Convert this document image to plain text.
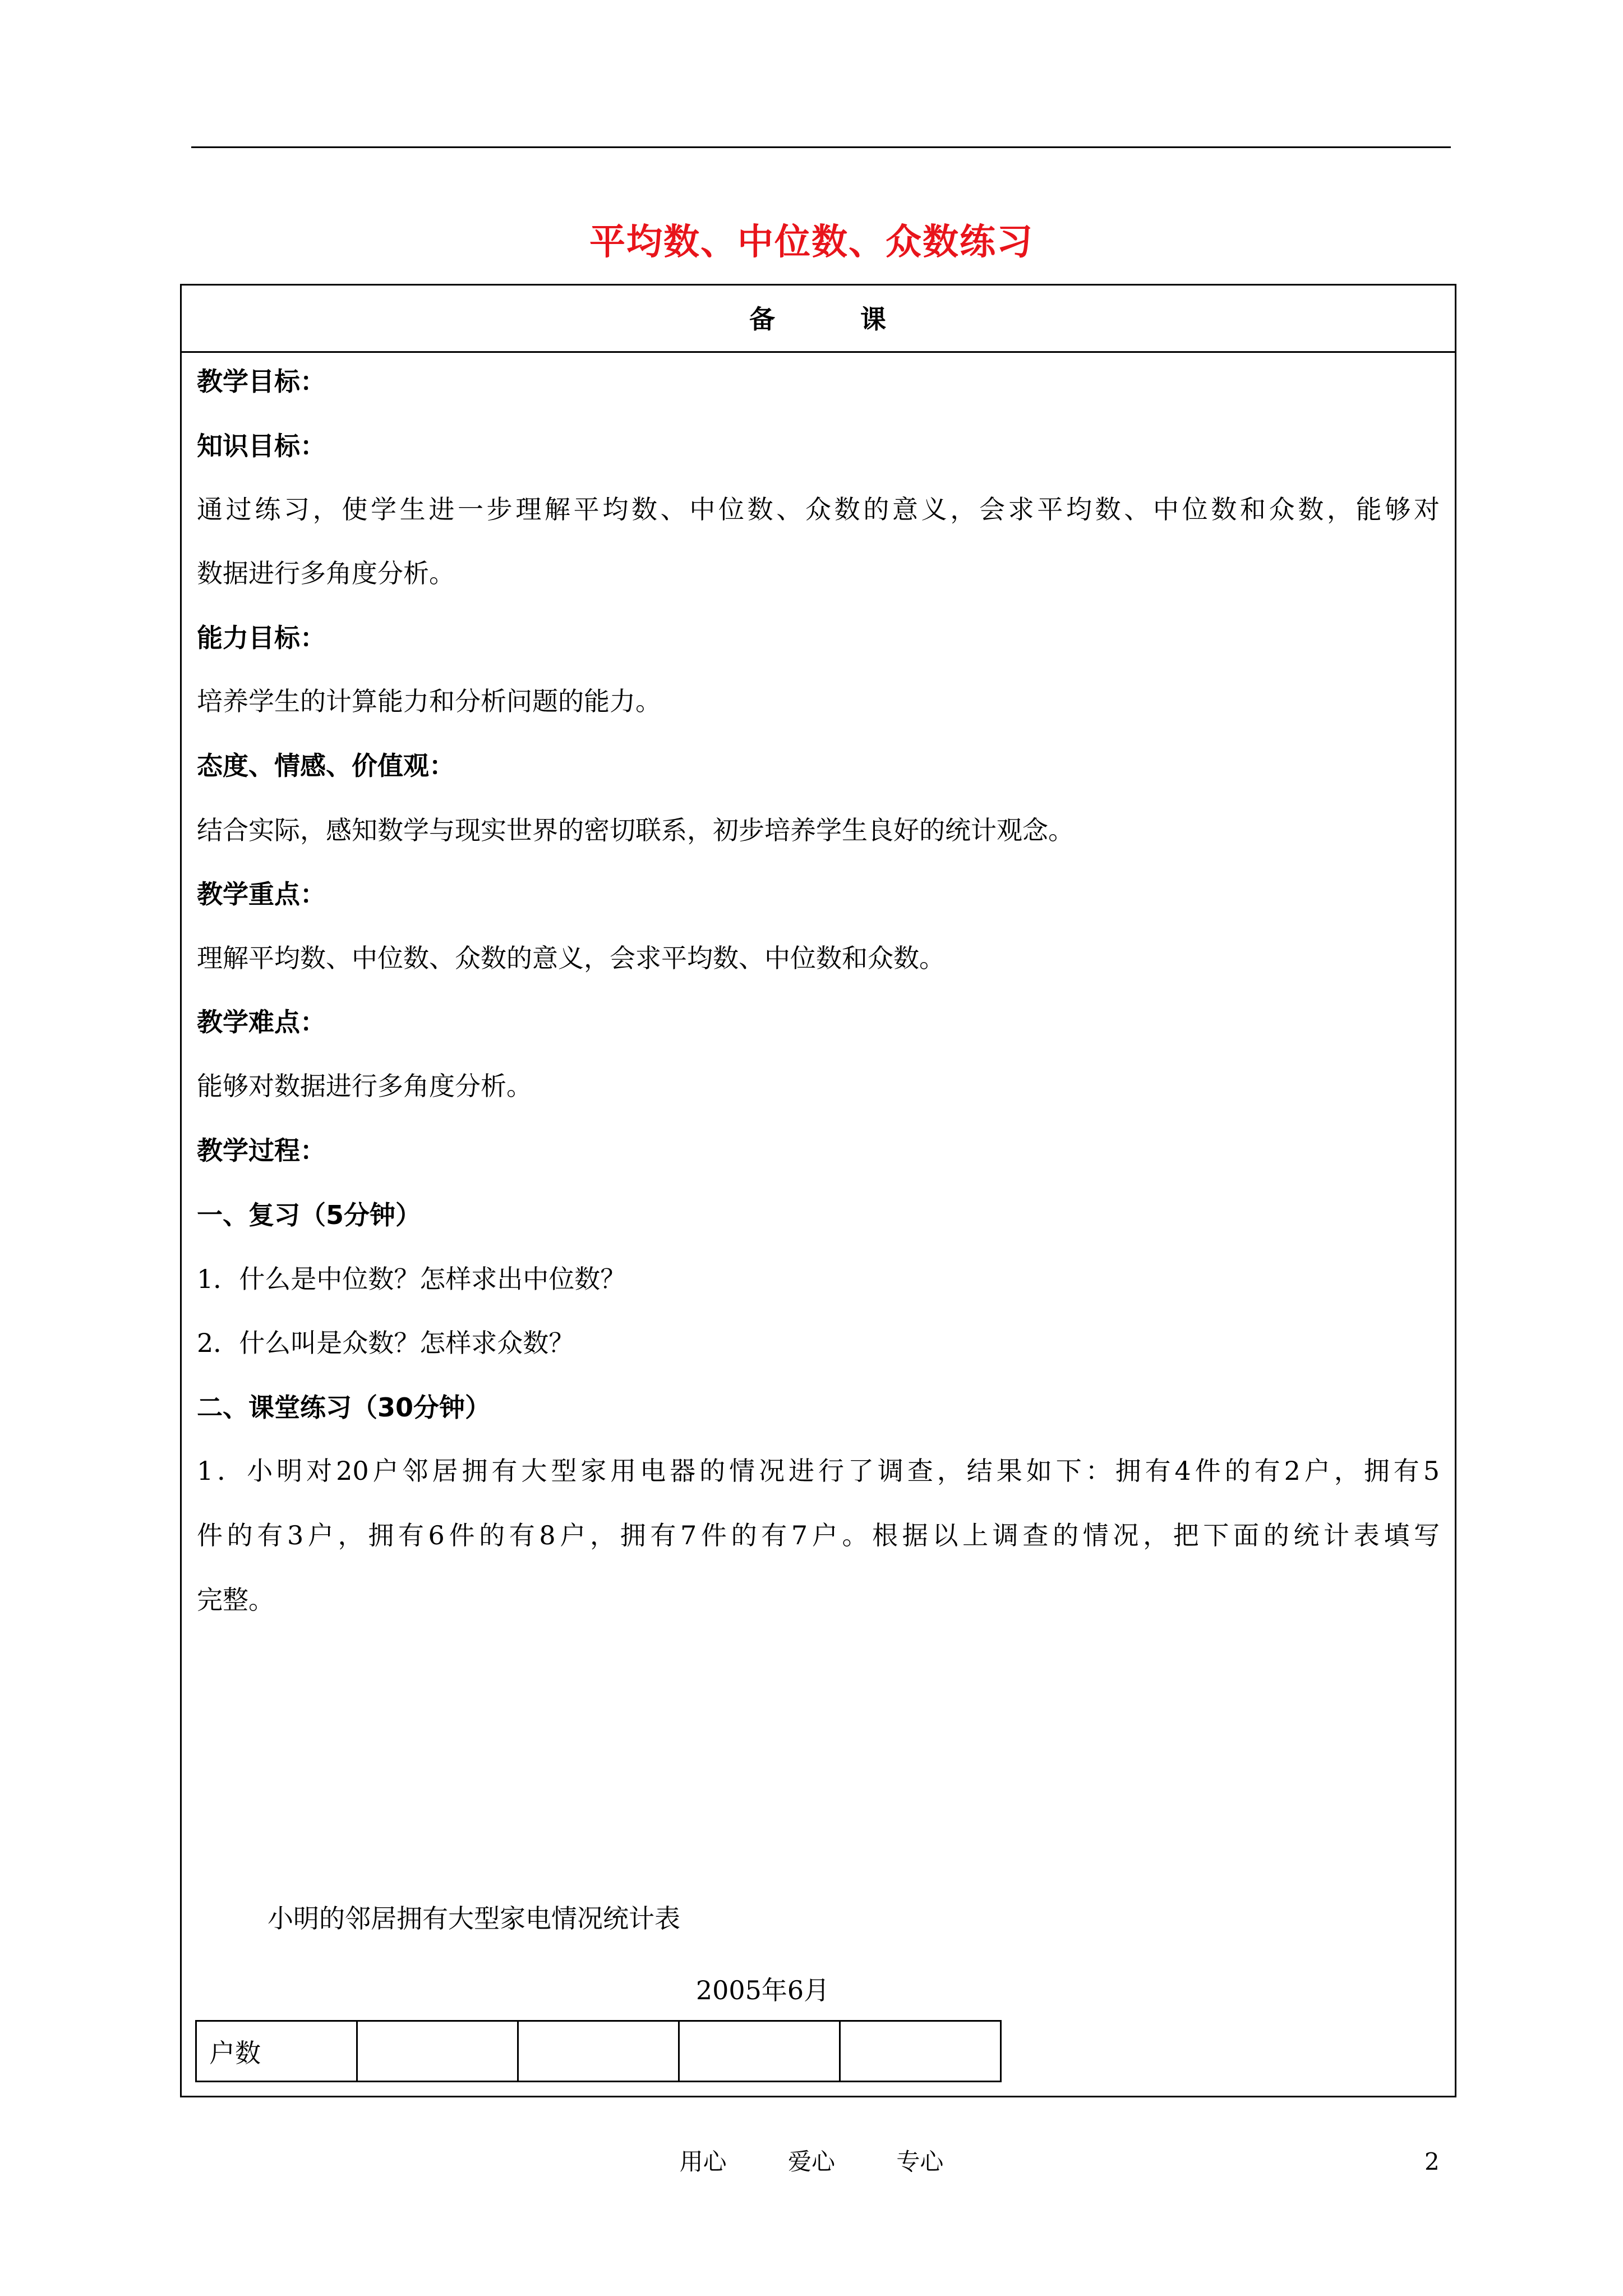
平均数、中位数、众数练习
备	课
教学目标：
知识目标：
通过练习，使学生进一步理解平均数、中位数、众数的意义，会求平均数、中位数和众数，能够对
数据进行多角度分析。
能力目标：
培养学生的计算能力和分析问题的能力。
态度、情感、价值观：
结合实际，感知数学与现实世界的密切联系，初步培养学生良好的统计观念。
教学重点：
理解平均数、中位数、众数的意义，会求平均数、中位数和众数。
教学难点：
能够对数据进行多角度分析。
教学过程：
一、复习（5分钟）
1．什么是中位数？怎样求出中位数？
2．什么叫是众数？怎样求众数？
二、课堂练习（30分钟）
1．小明对20户邻居拥有大型家用电器的情况进行了调查，结果如下：拥有4件的有2户，拥有5
件的有3户，拥有6件的有8户，拥有7件的有7户。根据以上调查的情况，把下面的统计表填写
完整。
小明的邻居拥有大型家电情况统计表
2005年6月
户数				
用心	爱心	专心	2
